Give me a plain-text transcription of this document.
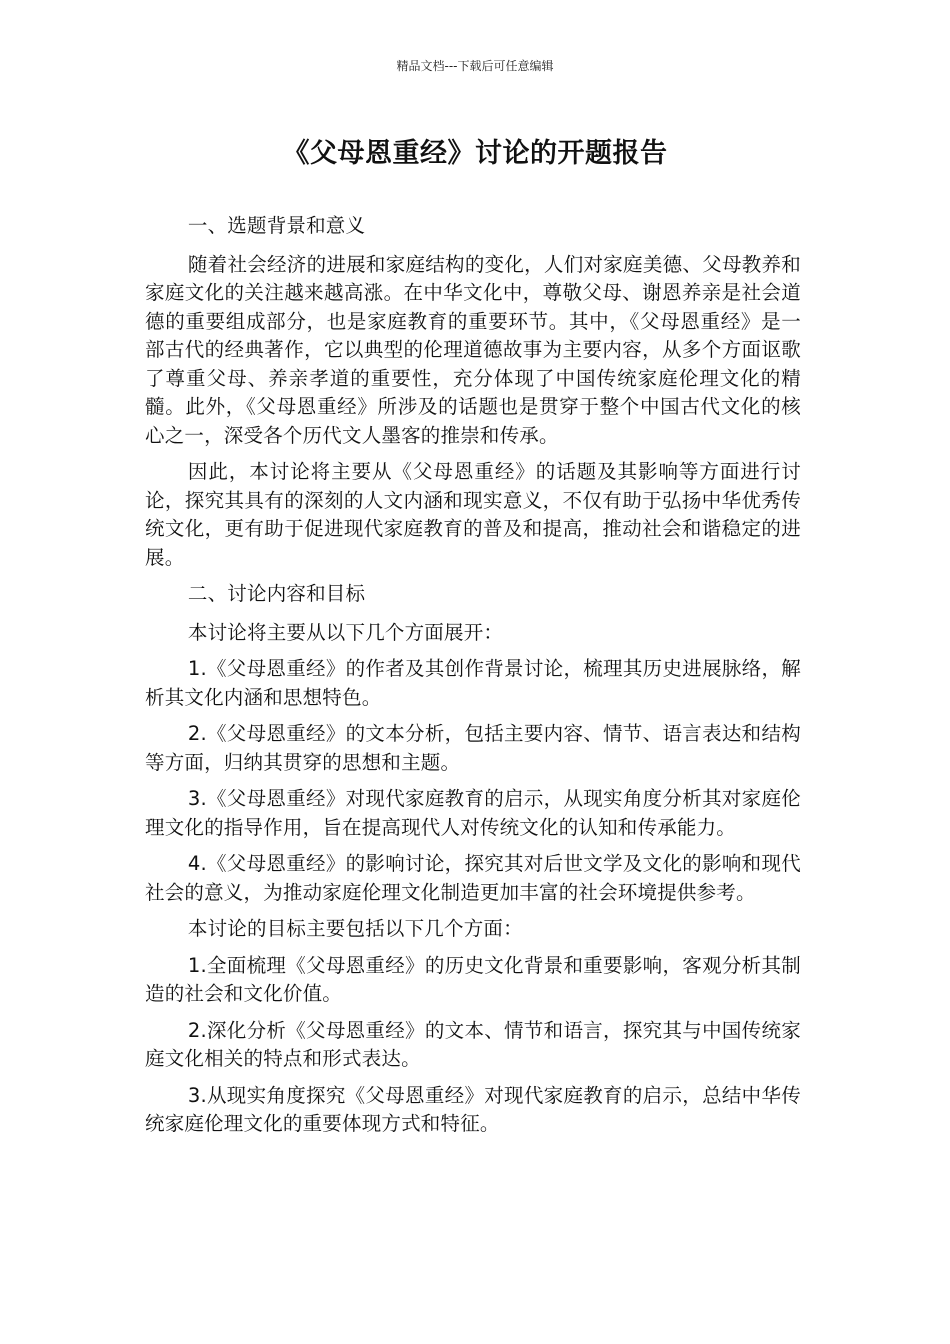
精品文档---下载后可任意编辑
《父母恩重经》讨论的开题报告

一、选题背景和意义

随着社会经济的进展和家庭结构的变化，人们对家庭美德、父母教养和家庭文化的关注越来越高涨。在中华文化中，尊敬父母、谢恩养亲是社会道德的重要组成部分，也是家庭教育的重要环节。其中，《父母恩重经》是一部古代的经典著作，它以典型的伦理道德故事为主要内容，从多个方面讴歌了尊重父母、养亲孝道的重要性，充分体现了中国传统家庭伦理文化的精髓。此外，《父母恩重经》所涉及的话题也是贯穿于整个中国古代文化的核心之一，深受各个历代文人墨客的推崇和传承。

因此，本讨论将主要从《父母恩重经》的话题及其影响等方面进行讨论，探究其具有的深刻的人文内涵和现实意义，不仅有助于弘扬中华优秀传统文化，更有助于促进现代家庭教育的普及和提高，推动社会和谐稳定的进展。

二、讨论内容和目标

本讨论将主要从以下几个方面展开：

1.《父母恩重经》的作者及其创作背景讨论，梳理其历史进展脉络，解析其文化内涵和思想特色。

2.《父母恩重经》的文本分析，包括主要内容、情节、语言表达和结构等方面，归纳其贯穿的思想和主题。

3.《父母恩重经》对现代家庭教育的启示，从现实角度分析其对家庭伦理文化的指导作用，旨在提高现代人对传统文化的认知和传承能力。

4.《父母恩重经》的影响讨论，探究其对后世文学及文化的影响和现代社会的意义，为推动家庭伦理文化制造更加丰富的社会环境提供参考。

本讨论的目标主要包括以下几个方面：

1.全面梳理《父母恩重经》的历史文化背景和重要影响，客观分析其制造的社会和文化价值。

2.深化分析《父母恩重经》的文本、情节和语言，探究其与中国传统家庭文化相关的特点和形式表达。

3.从现实角度探究《父母恩重经》对现代家庭教育的启示，总结中华传统家庭伦理文化的重要体现方式和特征。
